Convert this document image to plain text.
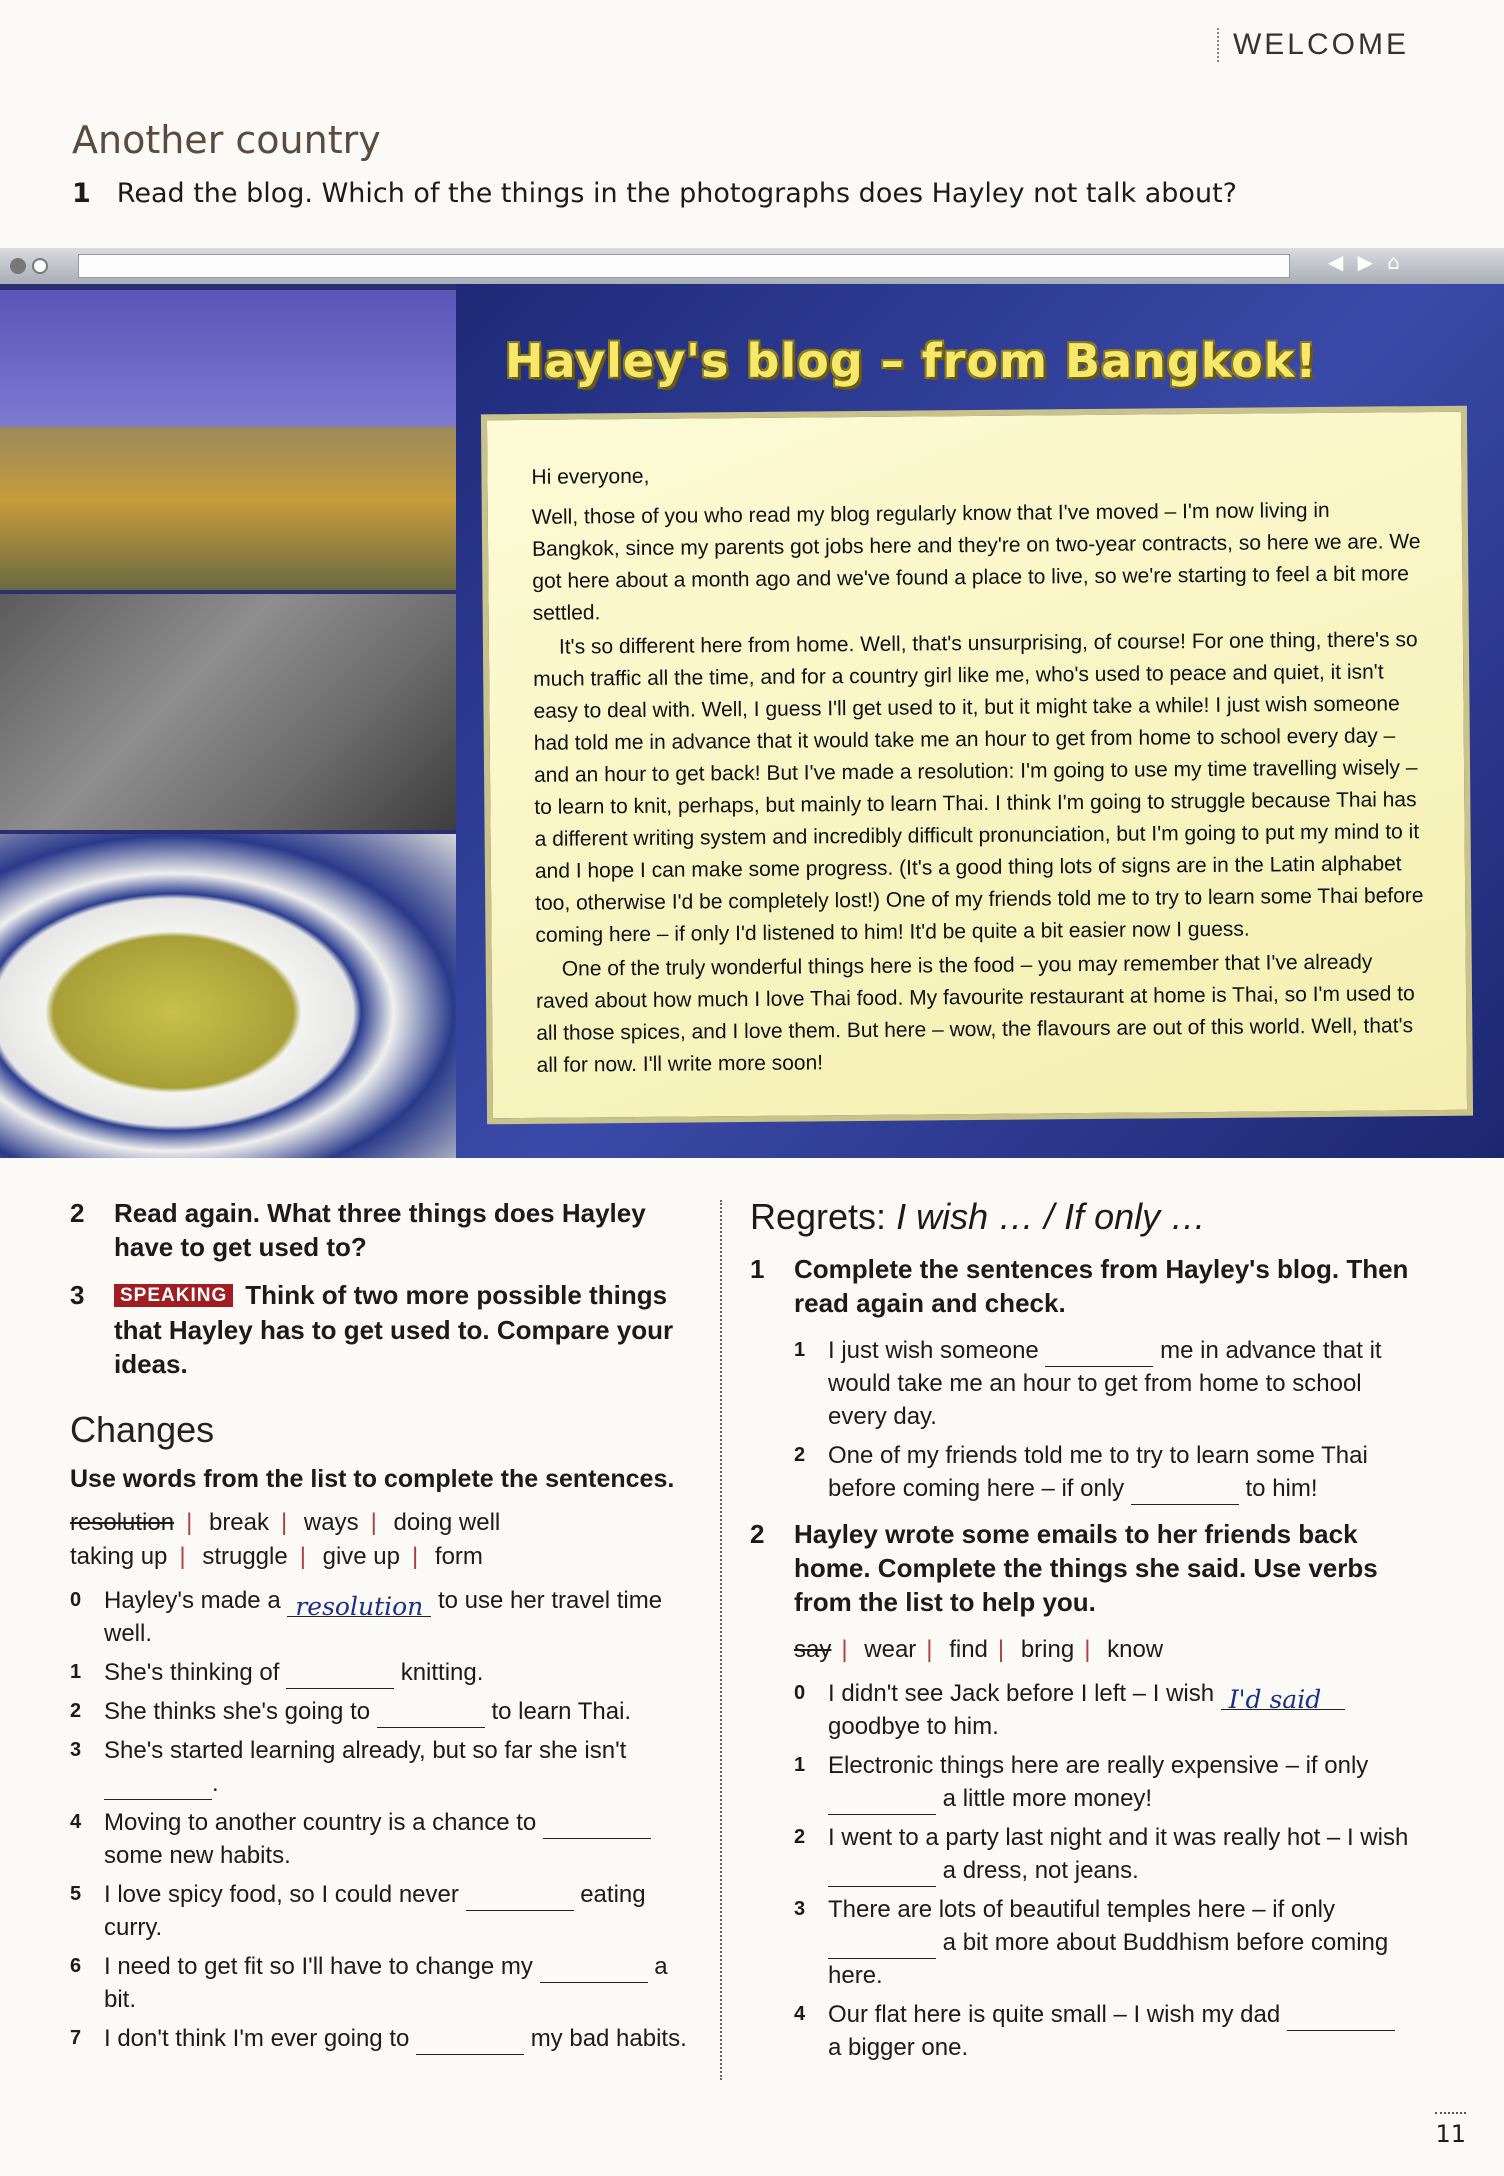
WELCOME
Another country
1 Read the blog. Which of the things in the photographs does Hayley not talk about?
◀ ▶ ⌂
Hayley's blog – from Bangkok!

Hi everyone,

Well, those of you who read my blog regularly know that I've moved – I'm now living in Bangkok, since my parents got jobs here and they're on two-year contracts, so here we are. We got here about a month ago and we've found a place to live, so we're starting to feel a bit more settled.

It's so different here from home. Well, that's unsurprising, of course! For one thing, there's so much traffic all the time, and for a country girl like me, who's used to peace and quiet, it isn't easy to deal with. Well, I guess I'll get used to it, but it might take a while! I just wish someone had told me in advance that it would take me an hour to get from home to school every day – and an hour to get back! But I've made a resolution: I'm going to use my time travelling wisely – to learn to knit, perhaps, but mainly to learn Thai. I think I'm going to struggle because Thai has a different writing system and incredibly difficult pronunciation, but I'm going to put my mind to it and I hope I can make some progress. (It's a good thing lots of signs are in the Latin alphabet too, otherwise I'd be completely lost!) One of my friends told me to try to learn some Thai before coming here – if only I'd listened to him! It'd be quite a bit easier now I guess.

One of the truly wonderful things here is the food – you may remember that I've already raved about how much I love Thai food. My favourite restaurant at home is Thai, so I'm used to all those spices, and I love them. But here – wow, the flavours are out of this world. Well, that's all for now. I'll write more soon!

2	Read again. What three things does Hayley have to get used to?
3	SPEAKING Think of two more possible things that Hayley has to get used to. Compare your ideas.
Changes
Use words from the list to complete the sentences.
resolution | break | ways | doing well
taking up | struggle | give up | form
0 Hayley's made a resolution to use her travel time well.
1 She's thinking of	knitting.
2 She thinks she's going to	to learn Thai.
3 She's started learning already, but so far she isn't
.
4 Moving to another country is a chance to  some new habits.
5 I love spicy food, so I could never	eating curry.
6 I need to get fit so I'll have to change my	a bit.
7 I don't think I'm ever going to	my bad habits.
Regrets: I wish … / If only …
1	Complete the sentences from Hayley's blog. Then read again and check.
1 I just wish someone	me in advance that it would take me an hour to get from home to school every day.
2 One of my friends told me to try to learn some Thai before coming here – if only	to him!
2	Hayley wrote some emails to her friends back home. Complete the things she said. Use verbs from the list to help you.
say | wear | find | bring | know
0 I didn't see Jack before I left – I wish I'd said goodbye to him.
1 Electronic things here are really expensive – if only  a little more money!
2 I went to a party last night and it was really hot – I wish  a dress, not jeans.
3 There are lots of beautiful temples here – if only  a bit more about Buddhism before coming here.
4 Our flat here is quite small – I wish my dad  a bigger one.
11
